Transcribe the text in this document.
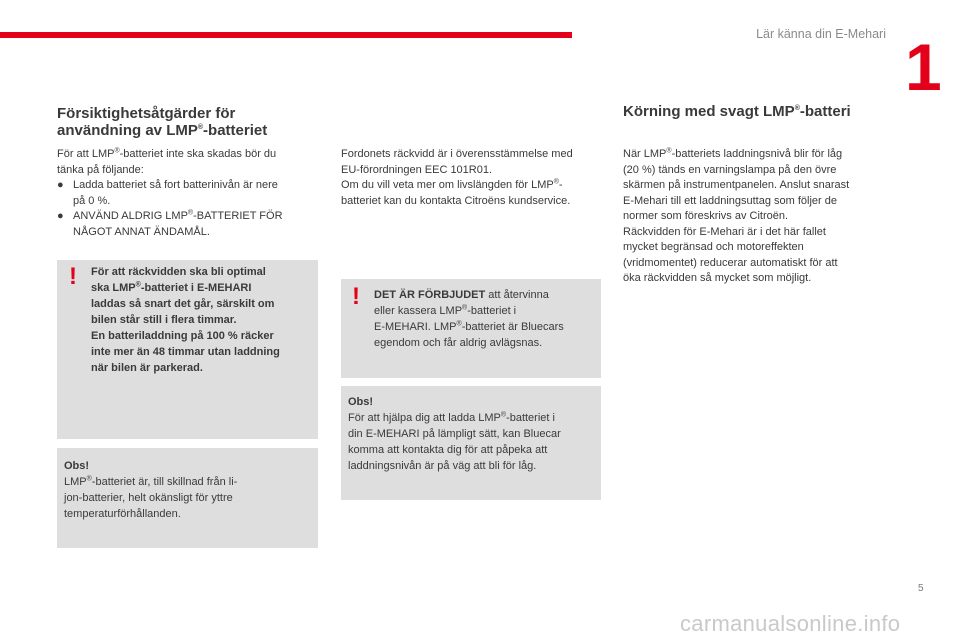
Lär känna din E-Mehari 1
Försiktighetsåtgärder för
användning av LMP®-batteriet
För att LMP®-batteriet inte ska skadas bör du
tänka på följande:
● Ladda batteriet så fort batterinivån är nere
på 0 %.
● ANVÄND ALDRIG LMP®-BATTERIET FÖR
NÅGOT ANNAT ÄNDAMÅL.
! För att räckvidden ska bli optimal
ska LMP®-batteriet i E-MEHARI
laddas så snart det går, särskilt om
bilen står still i flera timmar.
En batteriladdning på 100 % räcker
inte mer än 48 timmar utan laddning
när bilen är parkerad.
Obs!
LMP®-batteriet är, till skillnad från li-
jon-batterier, helt okänsligt för yttre
temperaturförhållanden.
Fordonets räckvidd är i överensstämmelse med
EU-förordningen EEC 101R01.
Om du vill veta mer om livslängden för LMP®-
batteriet kan du kontakta Citroëns kundservice.
! DET ÄR FÖRBJUDET att återvinna
eller kassera LMP®-batteriet i
E-MEHARI. LMP®-batteriet är Bluecars
egendom och får aldrig avlägsnas.
Obs!
För att hjälpa dig att ladda LMP®-batteriet i
din E-MEHARI på lämpligt sätt, kan Bluecar
komma att kontakta dig för att påpeka att
laddningsnivån är på väg att bli för låg.
Körning med svagt LMP®-batteri
När LMP®-batteriets laddningsnivå blir för låg
(20 %) tänds en varningslampa på den övre
skärmen på instrumentpanelen. Anslut snarast
E-Mehari till ett laddningsuttag som följer de
normer som föreskrivs av Citroën.
Räckvidden för E-Mehari är i det här fallet
mycket begränsad och motoreffekten
(vridmomentet) reducerar automatiskt för att
öka räckvidden så mycket som möjligt.
5
carmanualsonline.info
